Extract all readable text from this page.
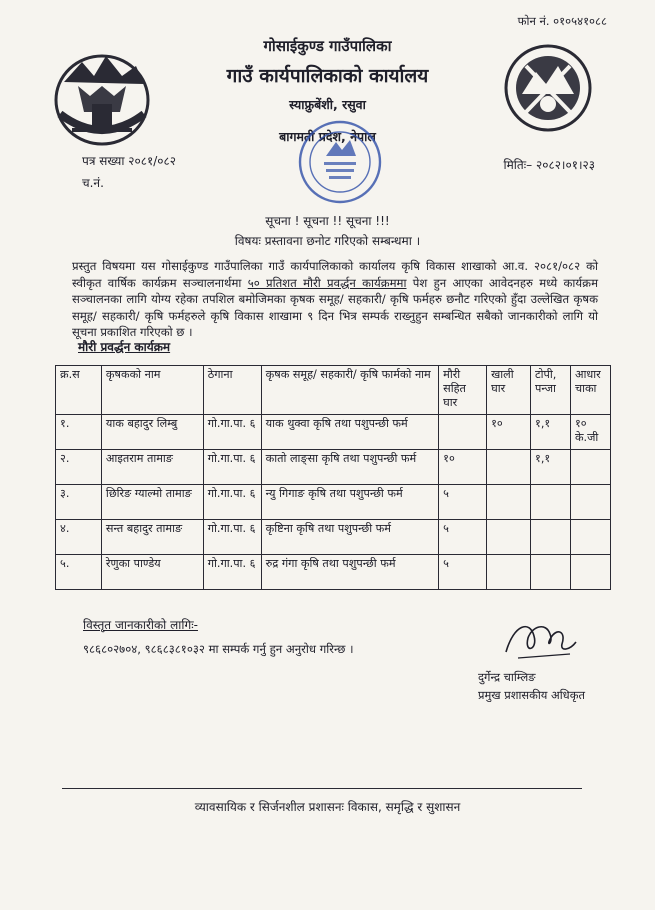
फोन नं. ०१०५४१०८८
गोसाईकुण्ड गाउँपालिका
गाउँ कार्यपालिकाको कार्यालय
स्याफ्रुबेंशी, रसुवा
बागमती प्रदेश, नेपाल
पत्र सख्या २०८१/०८२
च.नं.
मितिः– २०८२।०१।२३
सूचना ! सूचना !! सूचना !!!
विषयः प्रस्तावना छनोट गरिएको सम्बन्धमा ।
प्रस्तुत विषयमा यस गोसाईकुण्ड गाउँपालिका गाउँ कार्यपालिकाको कार्यालय कृषि विकास शाखाको आ.व. २०८१/०८२ को स्वीकृत वार्षिक कार्यक्रम सञ्चालनार्थमा ५० प्रतिशत मौरी प्रवर्द्धन कार्यक्रममा पेश हुन आएका आवेदनहरु मध्ये कार्यक्रम सञ्चालनका लागि योग्य रहेका तपशिल बमोजिमका कृषक समूह/ सहकारी/ कृषि फर्महरु छनौट गरिएको हुँदा उल्लेखित कृषक समूह/ सहकारी/ कृषि फर्महरुले कृषि विकास शाखामा ९ दिन भित्र सम्पर्क राख्नुहुन सम्बन्धित सबैको जानकारीको लागि यो सूचना प्रकाशित गरिएको छ ।
मौरी प्रवर्द्धन कार्यक्रम
क्र.स	कृषकको नाम	ठेगाना	कृषक समूह/ सहकारी/ कृषि फार्मको नाम	मौरी सहित घार	खाली घार	टोपी, पन्जा	आधार चाका
१.	याक बहादुर लिम्बु	गो.गा.पा. ६	याक थुक्वा कृषि तथा पशुपन्छी फर्म		१०	१,१	१० के.जी
२.	आइतराम तामाङ	गो.गा.पा. ६	कातो लाङ्सा कृषि तथा पशुपन्छी फर्म	१०		१,१	
३.	छिरिङ ग्याल्मो तामाङ	गो.गा.पा. ६	न्यु गिगाङ कृषि तथा पशुपन्छी फर्म	५			
४.	सन्त बहादुर तामाङ	गो.गा.पा. ६	कृष्टिना कृषि तथा पशुपन्छी फर्म	५			
५.	रेणुका पाण्डेय	गो.गा.पा. ६	रुद्र गंगा कृषि तथा पशुपन्छी फर्म	५			
विस्तृत जानकारीको लागिः-
९८६८०२७०४, ९८६८३८१०३२ मा सम्पर्क गर्नु हुन अनुरोध गरिन्छ ।
दुर्गेन्द्र चाम्लिङ
प्रमुख प्रशासकीय अधिकृत
व्यावसायिक र सिर्जनशील प्रशासनः विकास, समृद्धि र सुशासन
